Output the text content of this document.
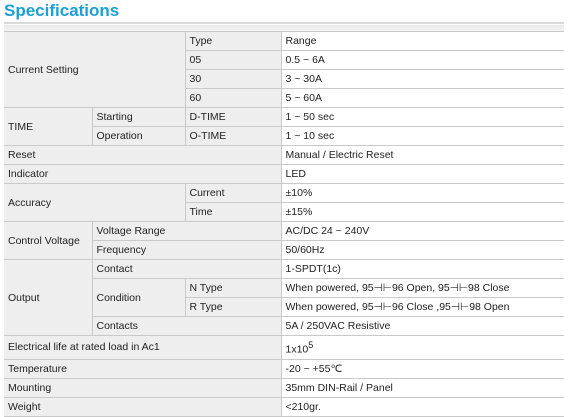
Specifications
Current Setting		Type	Range
		05	0.5 ~ 6A
		30	3 ~ 30A
		60	5 ~ 60A
TIME	Starting	D-TIME	1 ~ 50 sec
	Operation	O-TIME	1 ~ 10 sec
Reset			Manual / Electric Reset
Indicator			LED
Accuracy		Current	±10%
		Time	±15%
Control Voltage	Voltage Range		AC/DC 24 ~ 240V
	Frequency		50/60Hz
Output	Contact		1-SPDT(1c)
	Condition	N Type	When powered, 95⊣⊢96 Open, 95⊣⊢98 Close
		R Type	When powered, 95⊣⊢96 Close ,95⊣⊢98 Open
	Contacts		5A / 250VAC Resistive
Electrical life at rated load in Ac1			$1x10^5$
Temperature			-20 ~ +55℃
Mounting			35mm DIN-Rail / Panel
Weight			<210gr.
